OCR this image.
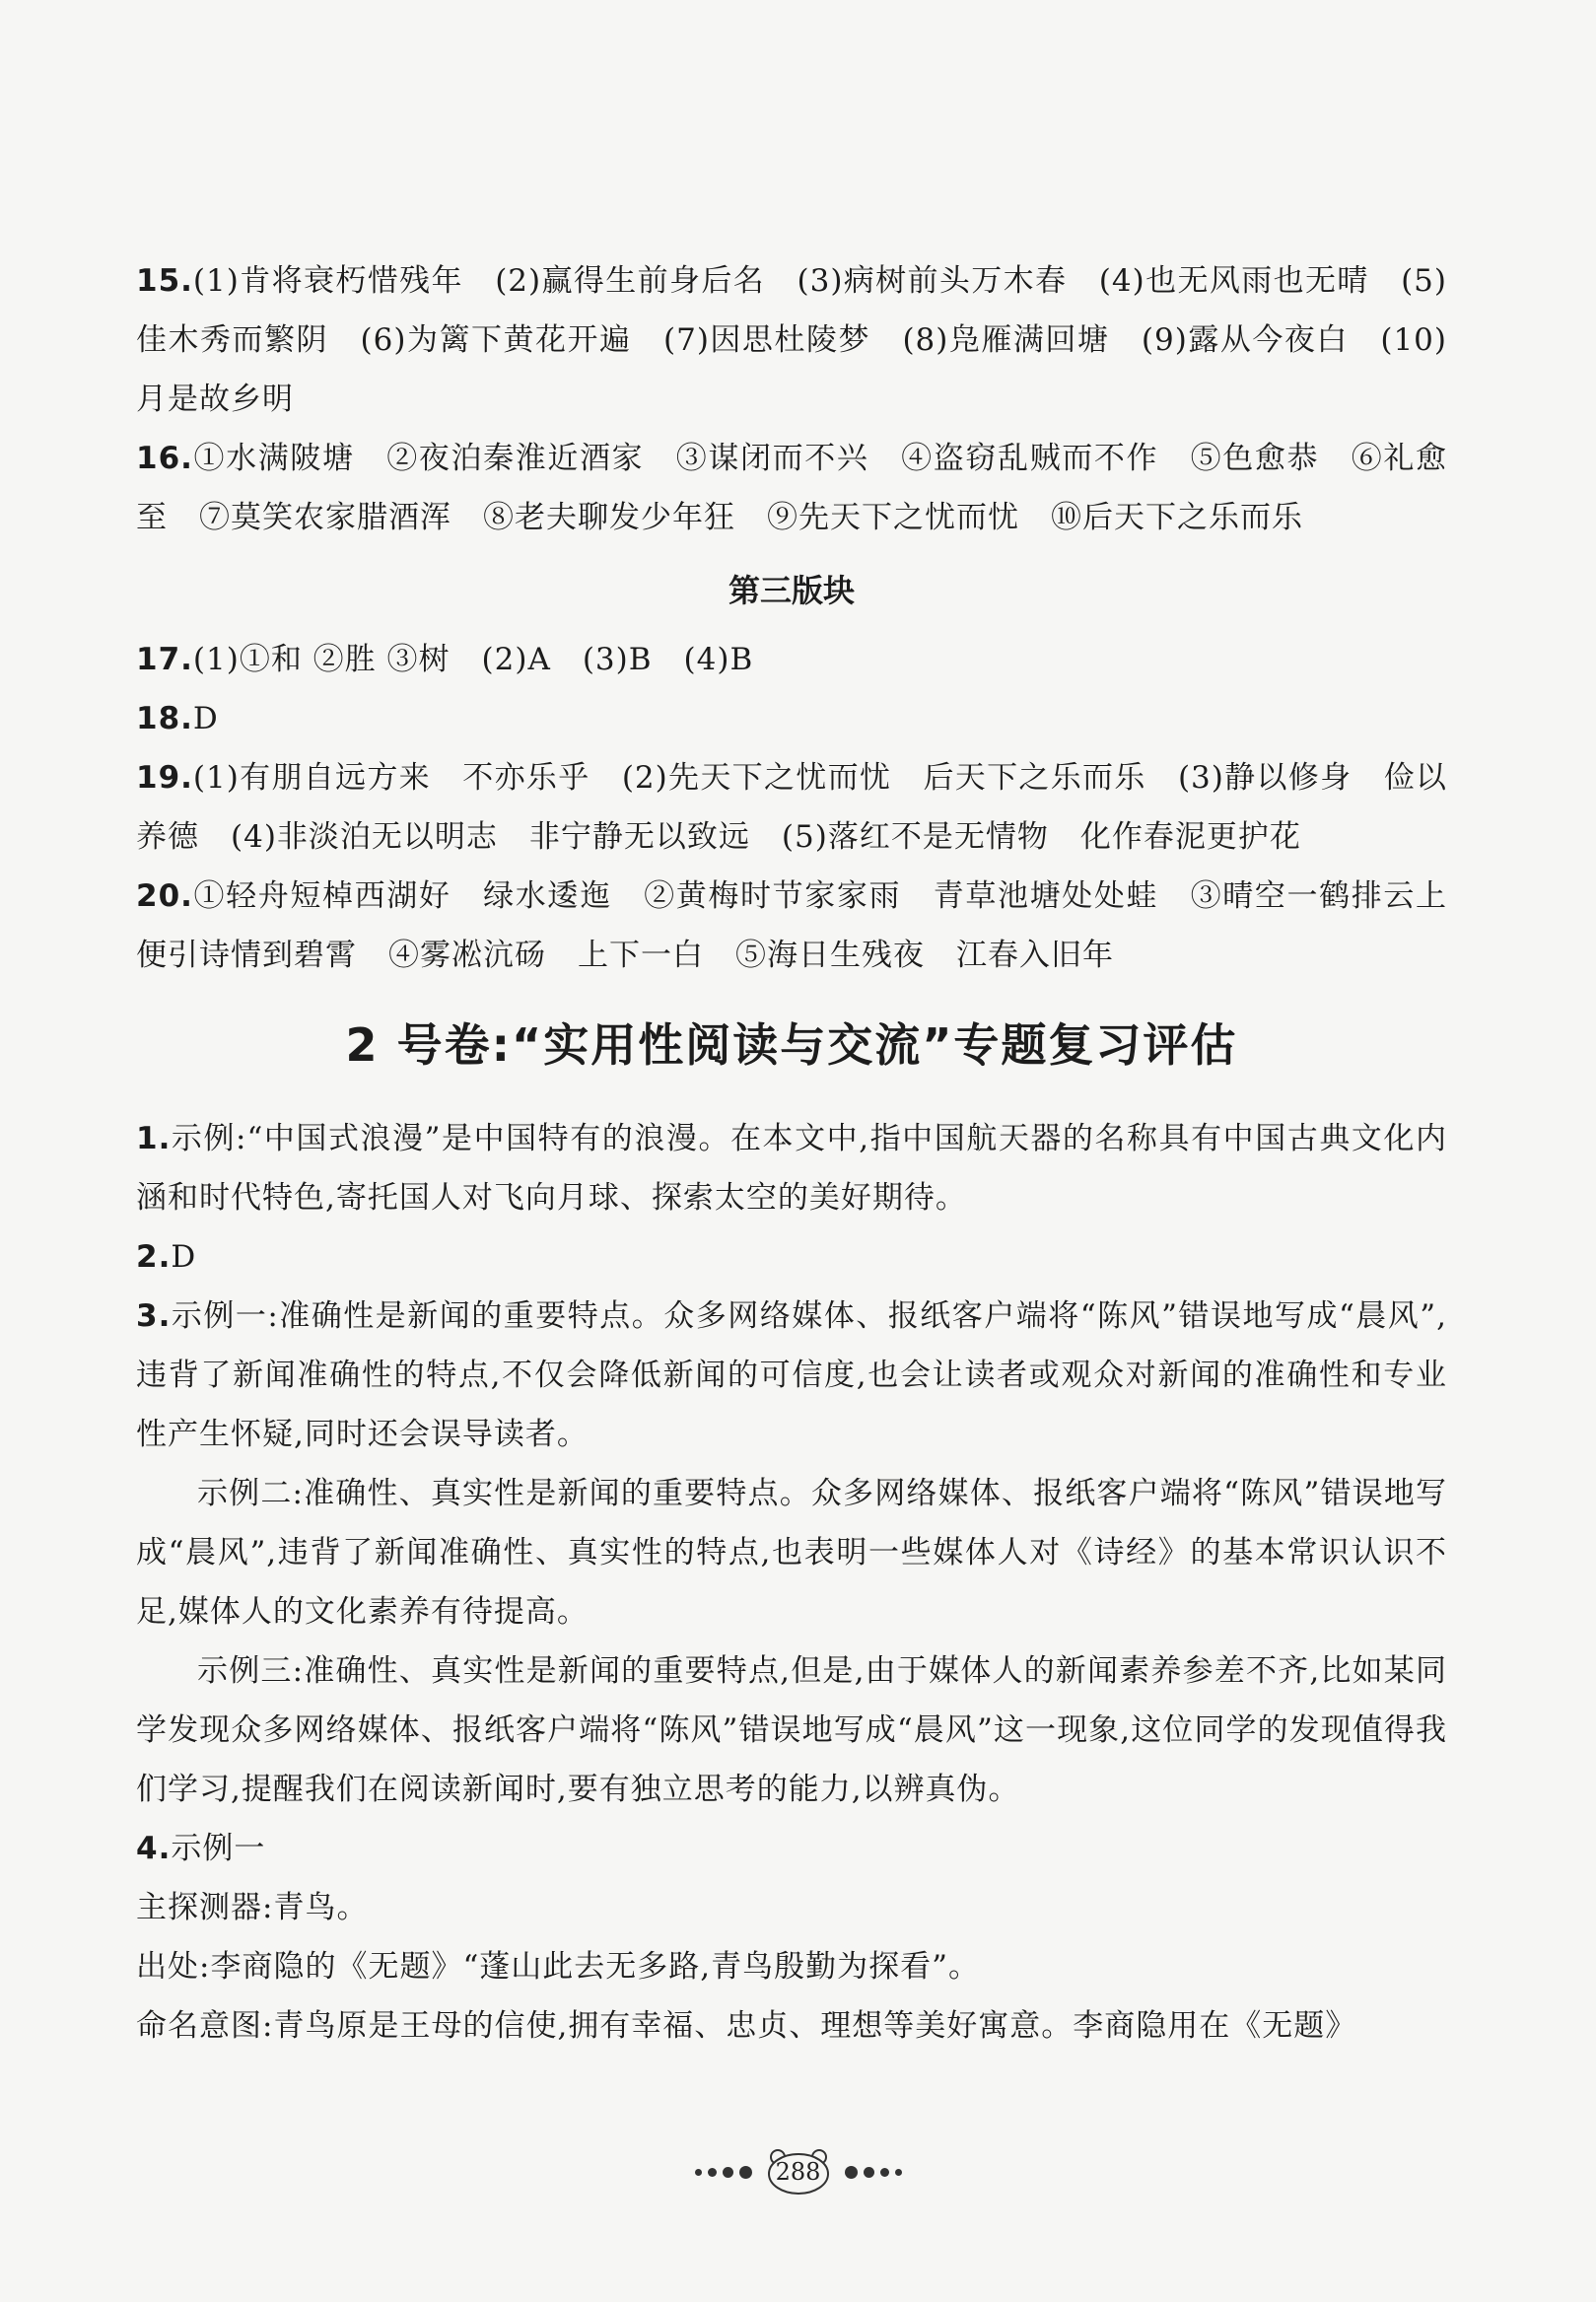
15.(1)肯将衰朽惜残年　(2)赢得生前身后名　(3)病树前头万木春　(4)也无风雨也无晴　(5)佳木秀而繁阴　(6)为篱下黄花开遍　(7)因思杜陵梦　(8)凫雁满回塘　(9)露从今夜白　(10)月是故乡明

16.①水满陂塘　②夜泊秦淮近酒家　③谋闭而不兴　④盗窃乱贼而不作　⑤色愈恭　⑥礼愈至　⑦莫笑农家腊酒浑　⑧老夫聊发少年狂　⑨先天下之忧而忧　⑩后天下之乐而乐

第三版块

17.(1)①和 ②胜 ③树　(2)A　(3)B　(4)B

18.D

19.(1)有朋自远方来　不亦乐乎　(2)先天下之忧而忧　后天下之乐而乐　(3)静以修身　俭以养德　(4)非淡泊无以明志　非宁静无以致远　(5)落红不是无情物　化作春泥更护花

20.①轻舟短棹西湖好　绿水逶迤　②黄梅时节家家雨　青草池塘处处蛙　③晴空一鹤排云上　便引诗情到碧霄　④雾凇沆砀　上下一白　⑤海日生残夜　江春入旧年

2 号卷:“实用性阅读与交流”专题复习评估

1.示例:“中国式浪漫”是中国特有的浪漫。在本文中,指中国航天器的名称具有中国古典文化内涵和时代特色,寄托国人对飞向月球、探索太空的美好期待。

2.D

3.示例一:准确性是新闻的重要特点。众多网络媒体、报纸客户端将“陈风”错误地写成“晨风”,违背了新闻准确性的特点,不仅会降低新闻的可信度,也会让读者或观众对新闻的准确性和专业性产生怀疑,同时还会误导读者。

示例二:准确性、真实性是新闻的重要特点。众多网络媒体、报纸客户端将“陈风”错误地写成“晨风”,违背了新闻准确性、真实性的特点,也表明一些媒体人对《诗经》的基本常识认识不足,媒体人的文化素养有待提高。

示例三:准确性、真实性是新闻的重要特点,但是,由于媒体人的新闻素养参差不齐,比如某同学发现众多网络媒体、报纸客户端将“陈风”错误地写成“晨风”这一现象,这位同学的发现值得我们学习,提醒我们在阅读新闻时,要有独立思考的能力,以辨真伪。

4.示例一

主探测器:青鸟。

出处:李商隐的《无题》“蓬山此去无多路,青鸟殷勤为探看”。

命名意图:青鸟原是王母的信使,拥有幸福、忠贞、理想等美好寓意。李商隐用在《无题》

288
